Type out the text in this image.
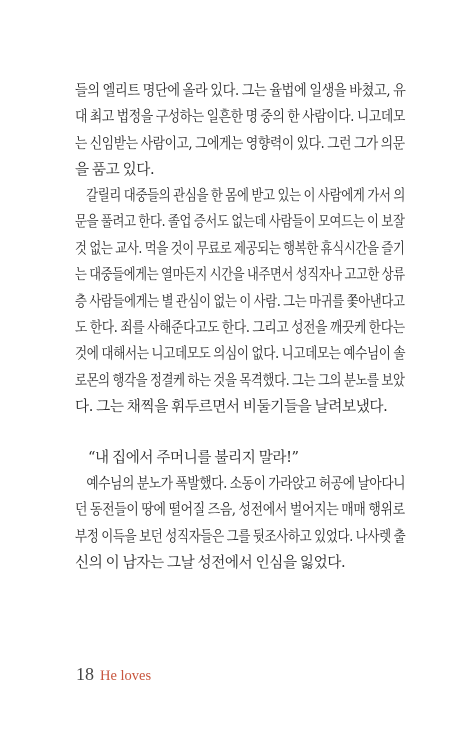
들의 엘리트 명단에 올라 있다. 그는 율법에 일생을 바쳤고, 유
대 최고 법정을 구성하는 일흔한 명 중의 한 사람이다. 니고데모
는 신임받는 사람이고, 그에게는 영향력이 있다. 그런 그가 의문
을 품고 있다.
갈릴리 대중들의 관심을 한 몸에 받고 있는 이 사람에게 가서 의
문을 풀려고 한다. 졸업 증서도 없는데 사람들이 모여드는 이 보잘
것 없는 교사. 먹을 것이 무료로 제공되는 행복한 휴식시간을 즐기
는 대중들에게는 열마든지 시간을 내주면서 성직자나 고고한 상류
층 사람들에게는 별 관심이 없는 이 사람. 그는 마귀를 쫓아낸다고
도 한다. 죄를 사해준다고도 한다. 그리고 성전을 깨끗케 한다는
것에 대해서는 니고데모도 의심이 없다. 니고데모는 예수님이 솔
로몬의 행각을 정결케 하는 것을 목격했다. 그는 그의 분노를 보았
다. 그는 채찍을 휘두르면서 비둘기들을 날려보냈다.
“내 집에서 주머니를 불리지 말라!”
예수님의 분노가 폭발했다. 소동이 가라앉고 허공에 날아다니
던 동전들이 땅에 떨어질 즈음, 성전에서 벌어지는 매매 행위로
부정 이득을 보던 성직자들은 그를 뒷조사하고 있었다. 나사렛 출
신의 이 남자는 그날 성전에서 인심을 잃었다.
18 He loves
